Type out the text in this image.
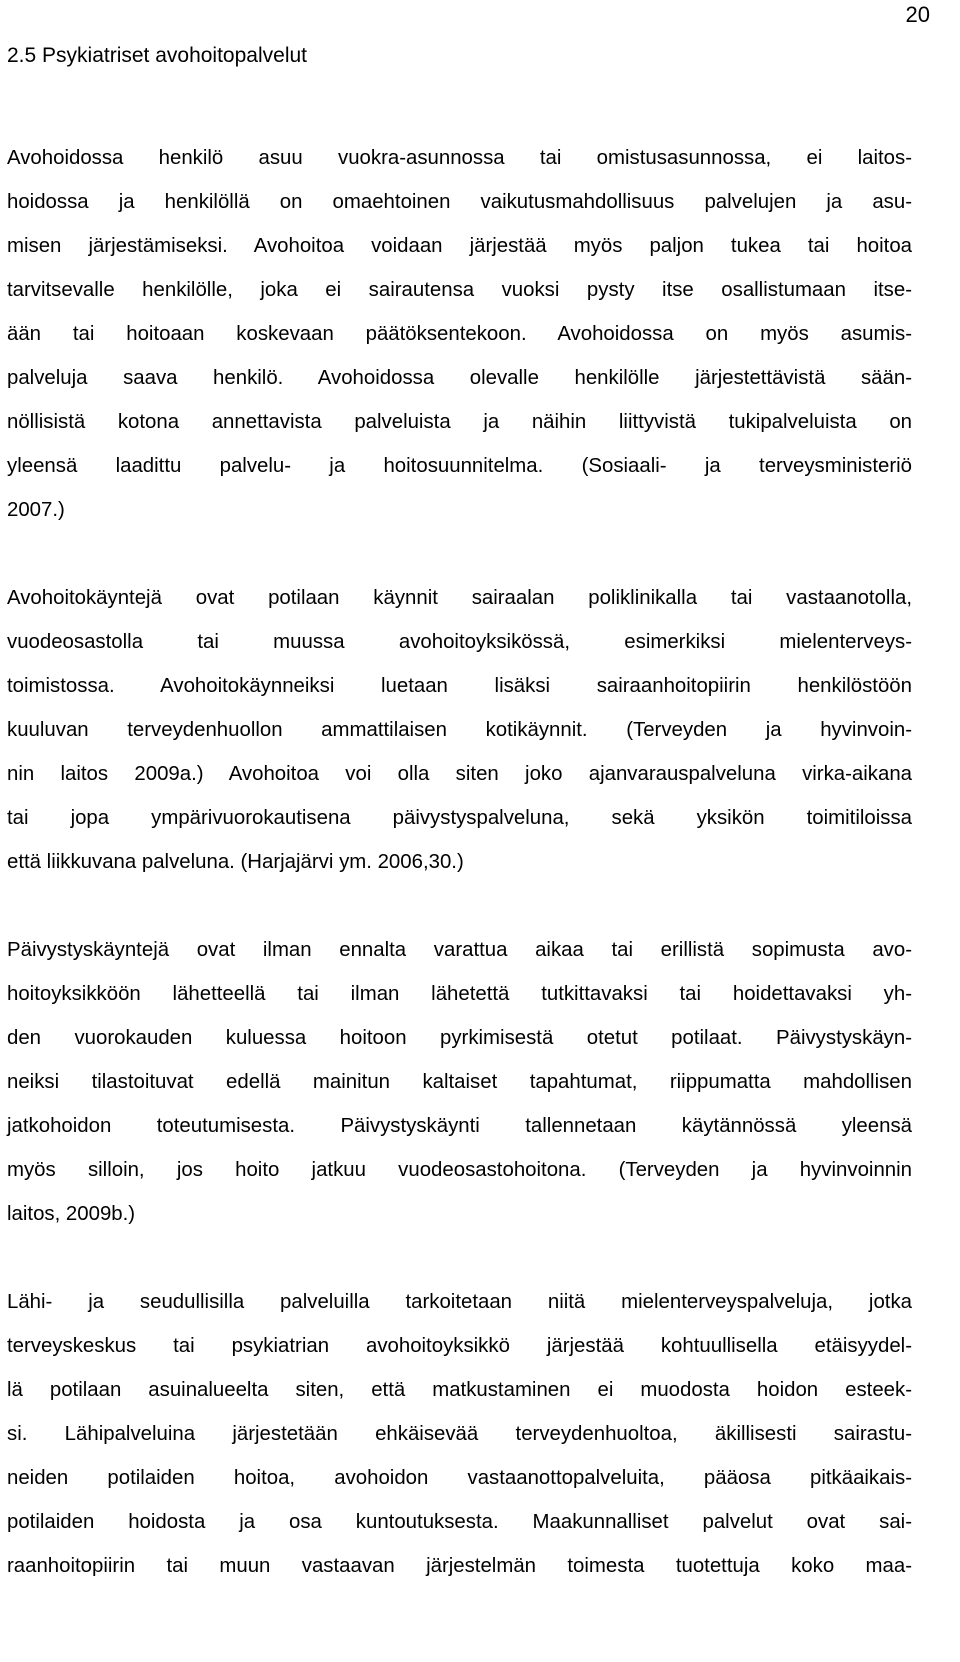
20
2.5 Psykiatriset avohoitopalvelut

Avohoidossa henkilö asuu vuokra-asunnossa tai omistusasunnossa, ei laitos-
hoidossa ja henkilöllä on omaehtoinen vaikutusmahdollisuus palvelujen ja asu-
misen järjestämiseksi. Avohoitoa voidaan järjestää myös paljon tukea tai hoitoa
tarvitsevalle henkilölle, joka ei sairautensa vuoksi pysty itse osallistumaan itse-
ään tai hoitoaan koskevaan päätöksentekoon. Avohoidossa on myös asumis-
palveluja saava henkilö. Avohoidossa olevalle henkilölle järjestettävistä sään-
nöllisistä kotona annettavista palveluista ja näihin liittyvistä tukipalveluista on
yleensä laadittu palvelu- ja hoitosuunnitelma. (Sosiaali- ja terveysministeriö
2007.)

Avohoitokäyntejä ovat potilaan käynnit sairaalan poliklinikalla tai vastaanotolla,
vuodeosastolla tai muussa avohoitoyksikössä, esimerkiksi mielenterveys-
toimistossa. Avohoitokäynneiksi luetaan lisäksi sairaanhoitopiirin henkilöstöön
kuuluvan terveydenhuollon ammattilaisen kotikäynnit. (Terveyden ja hyvinvoin-
nin laitos 2009a.) Avohoitoa voi olla siten joko ajanvarauspalveluna virka-aikana
tai jopa ympärivuorokautisena päivystyspalveluna, sekä yksikön toimitiloissa
että liikkuvana palveluna. (Harjajärvi ym. 2006,30.)

Päivystyskäyntejä ovat ilman ennalta varattua aikaa tai erillistä sopimusta avo-
hoitoyksikköön lähetteellä tai ilman lähetettä tutkittavaksi tai hoidettavaksi yh-
den vuorokauden kuluessa hoitoon pyrkimisestä otetut potilaat. Päivystyskäyn-
neiksi tilastoituvat edellä mainitun kaltaiset tapahtumat, riippumatta mahdollisen
jatkohoidon toteutumisesta. Päivystyskäynti tallennetaan käytännössä yleensä
myös silloin, jos hoito jatkuu vuodeosastohoitona. (Terveyden ja hyvinvoinnin
laitos, 2009b.)

Lähi- ja seudullisilla palveluilla tarkoitetaan niitä mielenterveyspalveluja, jotka
terveyskeskus tai psykiatrian avohoitoyksikkö järjestää kohtuullisella etäisyydel-
lä potilaan asuinalueelta siten, että matkustaminen ei muodosta hoidon esteek-
si. Lähipalveluina järjestetään ehkäisevää terveydenhuoltoa, äkillisesti sairastu-
neiden potilaiden hoitoa, avohoidon vastaanottopalveluita, pääosa pitkäaikais-
potilaiden hoidosta ja osa kuntoutuksesta. Maakunnalliset palvelut ovat sai-
raanhoitopiirin tai muun vastaavan järjestelmän toimesta tuotettuja koko maa-
